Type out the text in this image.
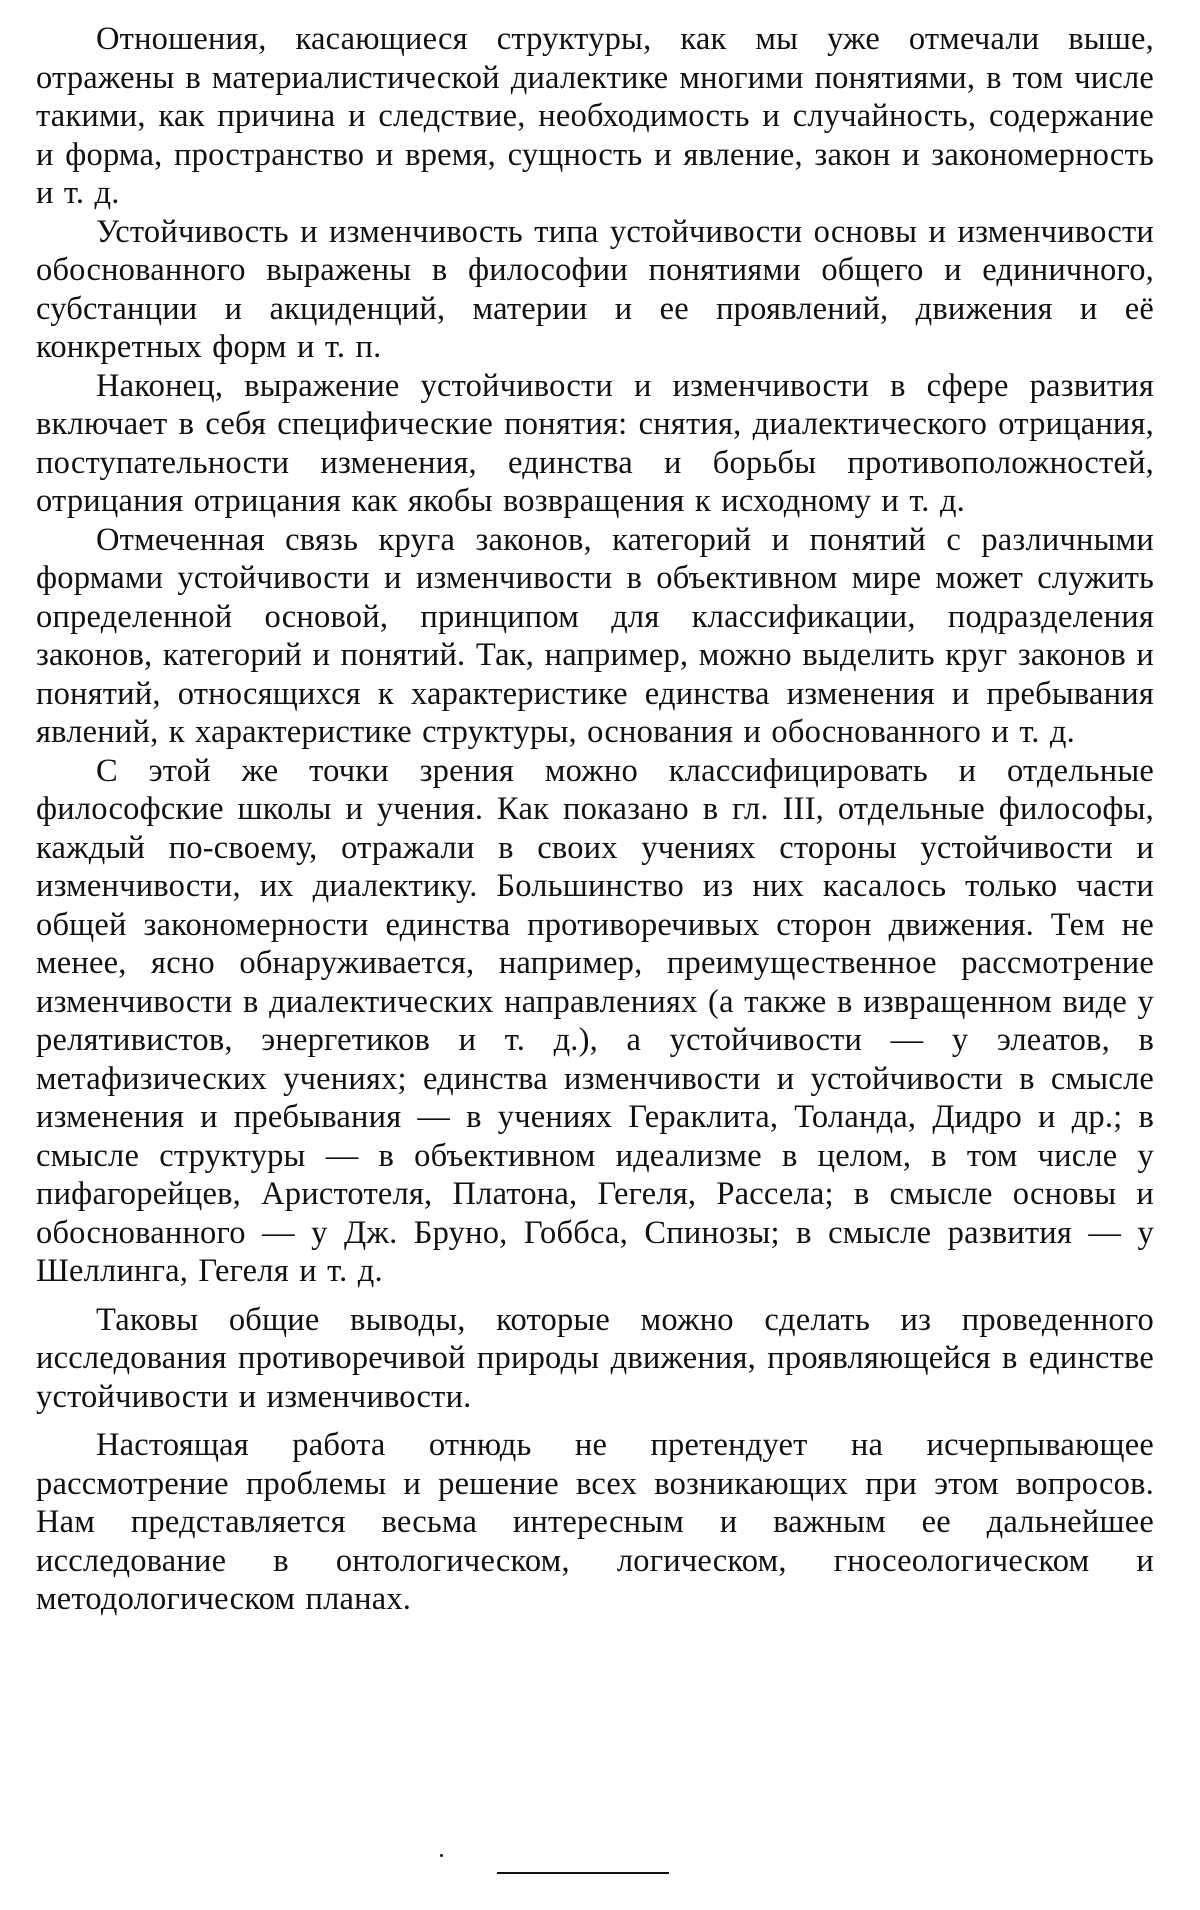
Отношения, касающиеся структуры, как мы уже отмечали выше, отражены в материалистической диалектике многими понятиями, в том числе такими, как причина и следствие, необходимость и случайность, содержание и форма, пространство и время, сущность и явление, закон и закономерность и т. д.

Устойчивость и изменчивость типа устойчивости основы и изменчивости обоснованного выражены в философии понятиями общего и единичного, субстанции и акциденций, материи и ее проявлений, движения и её конкретных форм и т. п.

Наконец, выражение устойчивости и изменчивости в сфере развития включает в себя специфические понятия: снятия, диалектического отрицания, поступательности изменения, единства и борьбы противоположностей, отрицания отрицания как якобы возвращения к исходному и т. д.

Отмеченная связь круга законов, категорий и понятий с различными формами устойчивости и изменчивости в объективном мире может служить определенной основой, принципом для классификации, подразделения законов, категорий и понятий. Так, например, можно выделить круг законов и понятий, относящихся к характеристике единства изменения и пребывания явлений, к характеристике структуры, основания и обоснованного и т. д.

С этой же точки зрения можно классифицировать и отдельные философские школы и учения. Как показано в гл. III, отдельные философы, каждый по-своему, отражали в своих учениях стороны устойчивости и изменчивости, их диалектику. Большинство из них касалось только части общей закономерности единства противоречивых сторон движения. Тем не менее, ясно обнаруживается, например, преимущественное рассмотрение изменчивости в диалектических направлениях (а также в извращенном виде у релятивистов, энергетиков и т. д.), а устойчивости — у элеатов, в метафизических учениях; единства изменчивости и устойчивости в смысле изменения и пребывания — в учениях Гераклита, Толанда, Дидро и др.; в смысле структуры — в объективном идеализме в целом, в том числе у пифагорейцев, Аристотеля, Платона, Гегеля, Рассела; в смысле основы и обоснованного — у Дж. Бруно, Гоббса, Спинозы; в смысле развития — у Шеллинга, Гегеля и т. д.

Таковы общие выводы, которые можно сделать из проведенного исследования противоречивой природы движения, проявляющейся в единстве устойчивости и изменчивости.

Настоящая работа отнюдь не претендует на исчерпывающее рассмотрение проблемы и решение всех возникающих при этом вопросов. Нам представляется весьма интересным и важным ее дальнейшее исследование в онтологическом, логическом, гносеологическом и методологическом планах.
